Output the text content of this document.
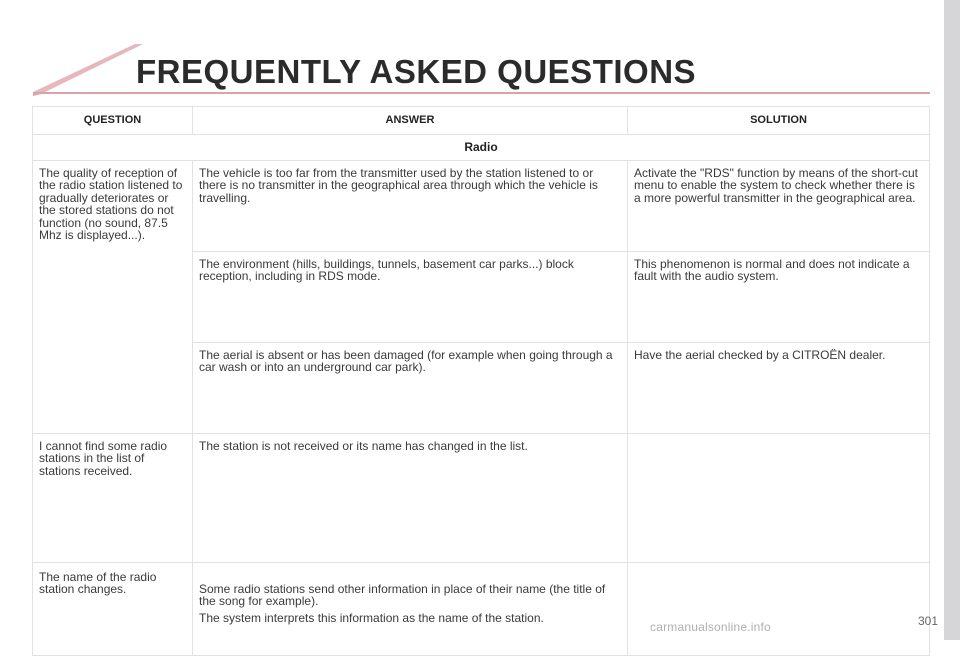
FREQUENTLY ASKED QUESTIONS
QUESTION	ANSWER	SOLUTION
Radio		
The quality of reception of the radio station listened to gradually deteriorates or the stored stations do not function (no sound, 87.5 Mhz is displayed...).	The vehicle is too far from the transmitter used by the station listened to or there is no transmitter in the geographical area through which the vehicle is travelling.	Activate the "RDS" function by means of the short-cut menu to enable the system to check whether there is a more powerful transmitter in the geographical area.
	The environment (hills, buildings, tunnels, basement car parks...) block reception, including in RDS mode.	This phenomenon is normal and does not indicate a fault with the audio system.
	The aerial is absent or has been damaged (for example when going through a car wash or into an underground car park).	Have the aerial checked by a CITROËN dealer.
I cannot find some radio stations in the list of stations received.	The station is not received or its name has changed in the list.	
The name of the radio station changes.	Some radio stations send other information in place of their name (the title of the song for example).

The system interprets this information as the name of the station.	

carmanualsonline.info	301
